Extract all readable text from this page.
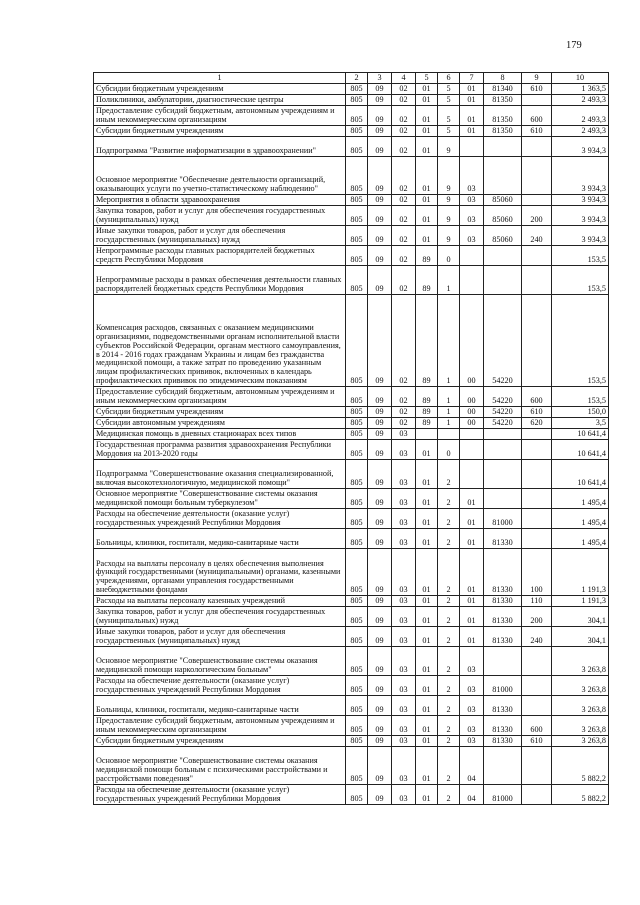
179
1	2	3	4	5	6	7	8	9	10
Субсидии бюджетным учреждениям	805	09	02	01	5	01	81340	610	1 363,5
Поликлиники, амбулатории, диагностические центры	805	09	02	01	5	01	81350		2 493,3
Предоставление субсидий бюджетным, автономным учреждениям и иным некоммерческим организациям	805	09	02	01	5	01	81350	600	2 493,3
Субсидии бюджетным учреждениям	805	09	02	01	5	01	81350	610	2 493,3
Подпрограмма "Развитие информатизации в здравоохранении"	805	09	02	01	9				3 934,3
Основное мероприятие "Обеспечение деятельности организаций, оказывающих услуги по учетно-статистическому наблюдению"	805	09	02	01	9	03			3 934,3
Мероприятия в области здравоохранения	805	09	02	01	9	03	85060		3 934,3
Закупка товаров, работ и услуг для обеспечения государственных (муниципальных) нужд	805	09	02	01	9	03	85060	200	3 934,3
Иные закупки товаров, работ и услуг для обеспечения государственных (муниципальных) нужд	805	09	02	01	9	03	85060	240	3 934,3
Непрограммные расходы главных распорядителей бюджетных средств Республики Мордовия	805	09	02	89	0				153,5
Непрограммные расходы в рамках обеспечения деятельности главных распорядителей бюджетных средств Республики Мордовия	805	09	02	89	1				153,5
Компенсация расходов, связанных с оказанием медицинскими организациями, подведомственными органам исполнительной власти субъектов Российской Федерации, органам местного самоуправления, в 2014 - 2016 годах гражданам Украины и лицам без гражданства медицинской помощи, а также затрат по проведению указанным лицам профилактических прививок, включенных в календарь профилактических прививок по эпидемическим показаниям	805	09	02	89	1	00	54220		153,5
Предоставление субсидий бюджетным, автономным учреждениям и иным некоммерческим организациям	805	09	02	89	1	00	54220	600	153,5
Субсидии бюджетным учреждениям	805	09	02	89	1	00	54220	610	150,0
Субсидии автономным учреждениям	805	09	02	89	1	00	54220	620	3,5
Медицинская помощь в дневных стационарах всех типов	805	09	03						10 641,4
Государственная программа развития здравоохранения Республики Мордовия на 2013-2020 годы	805	09	03	01	0				10 641,4
Подпрограмма "Совершенствование оказания специализированной, включая высокотехнологичную, медицинской помощи"	805	09	03	01	2				10 641,4
Основное мероприятие "Совершенствование системы оказания медицинской помощи больным туберкулезом"	805	09	03	01	2	01			1 495,4
Расходы на обеспечение деятельности (оказание услуг) государственных учреждений Республики Мордовия	805	09	03	01	2	01	81000		1 495,4
Больницы, клиники, госпитали, медико-санитарные части	805	09	03	01	2	01	81330		1 495,4
Расходы на выплаты персоналу в целях обеспечения выполнения функций государственными (муниципальными) органами, казенными учреждениями, органами управления государственными внебюджетными фондами	805	09	03	01	2	01	81330	100	1 191,3
Расходы на выплаты персоналу казенных учреждений	805	09	03	01	2	01	81330	110	1 191,3
Закупка товаров, работ и услуг для обеспечения государственных (муниципальных) нужд	805	09	03	01	2	01	81330	200	304,1
Иные закупки товаров, работ и услуг для обеспечения государственных (муниципальных) нужд	805	09	03	01	2	01	81330	240	304,1
Основное мероприятие "Совершенствование системы оказания медицинской помощи наркологическим больным"	805	09	03	01	2	03			3 263,8
Расходы на обеспечение деятельности (оказание услуг) государственных учреждений Республики Мордовия	805	09	03	01	2	03	81000		3 263,8
Больницы, клиники, госпитали, медико-санитарные части	805	09	03	01	2	03	81330		3 263,8
Предоставление субсидий бюджетным, автономным учреждениям и иным некоммерческим организациям	805	09	03	01	2	03	81330	600	3 263,8
Субсидии бюджетным учреждениям	805	09	03	01	2	03	81330	610	3 263,8
Основное мероприятие "Совершенствование системы оказания медицинской помощи больным с психическими расстройствами и расстройствами поведения"	805	09	03	01	2	04			5 882,2
Расходы на обеспечение деятельности (оказание услуг) государственных учреждений Республики Мордовия	805	09	03	01	2	04	81000		5 882,2
